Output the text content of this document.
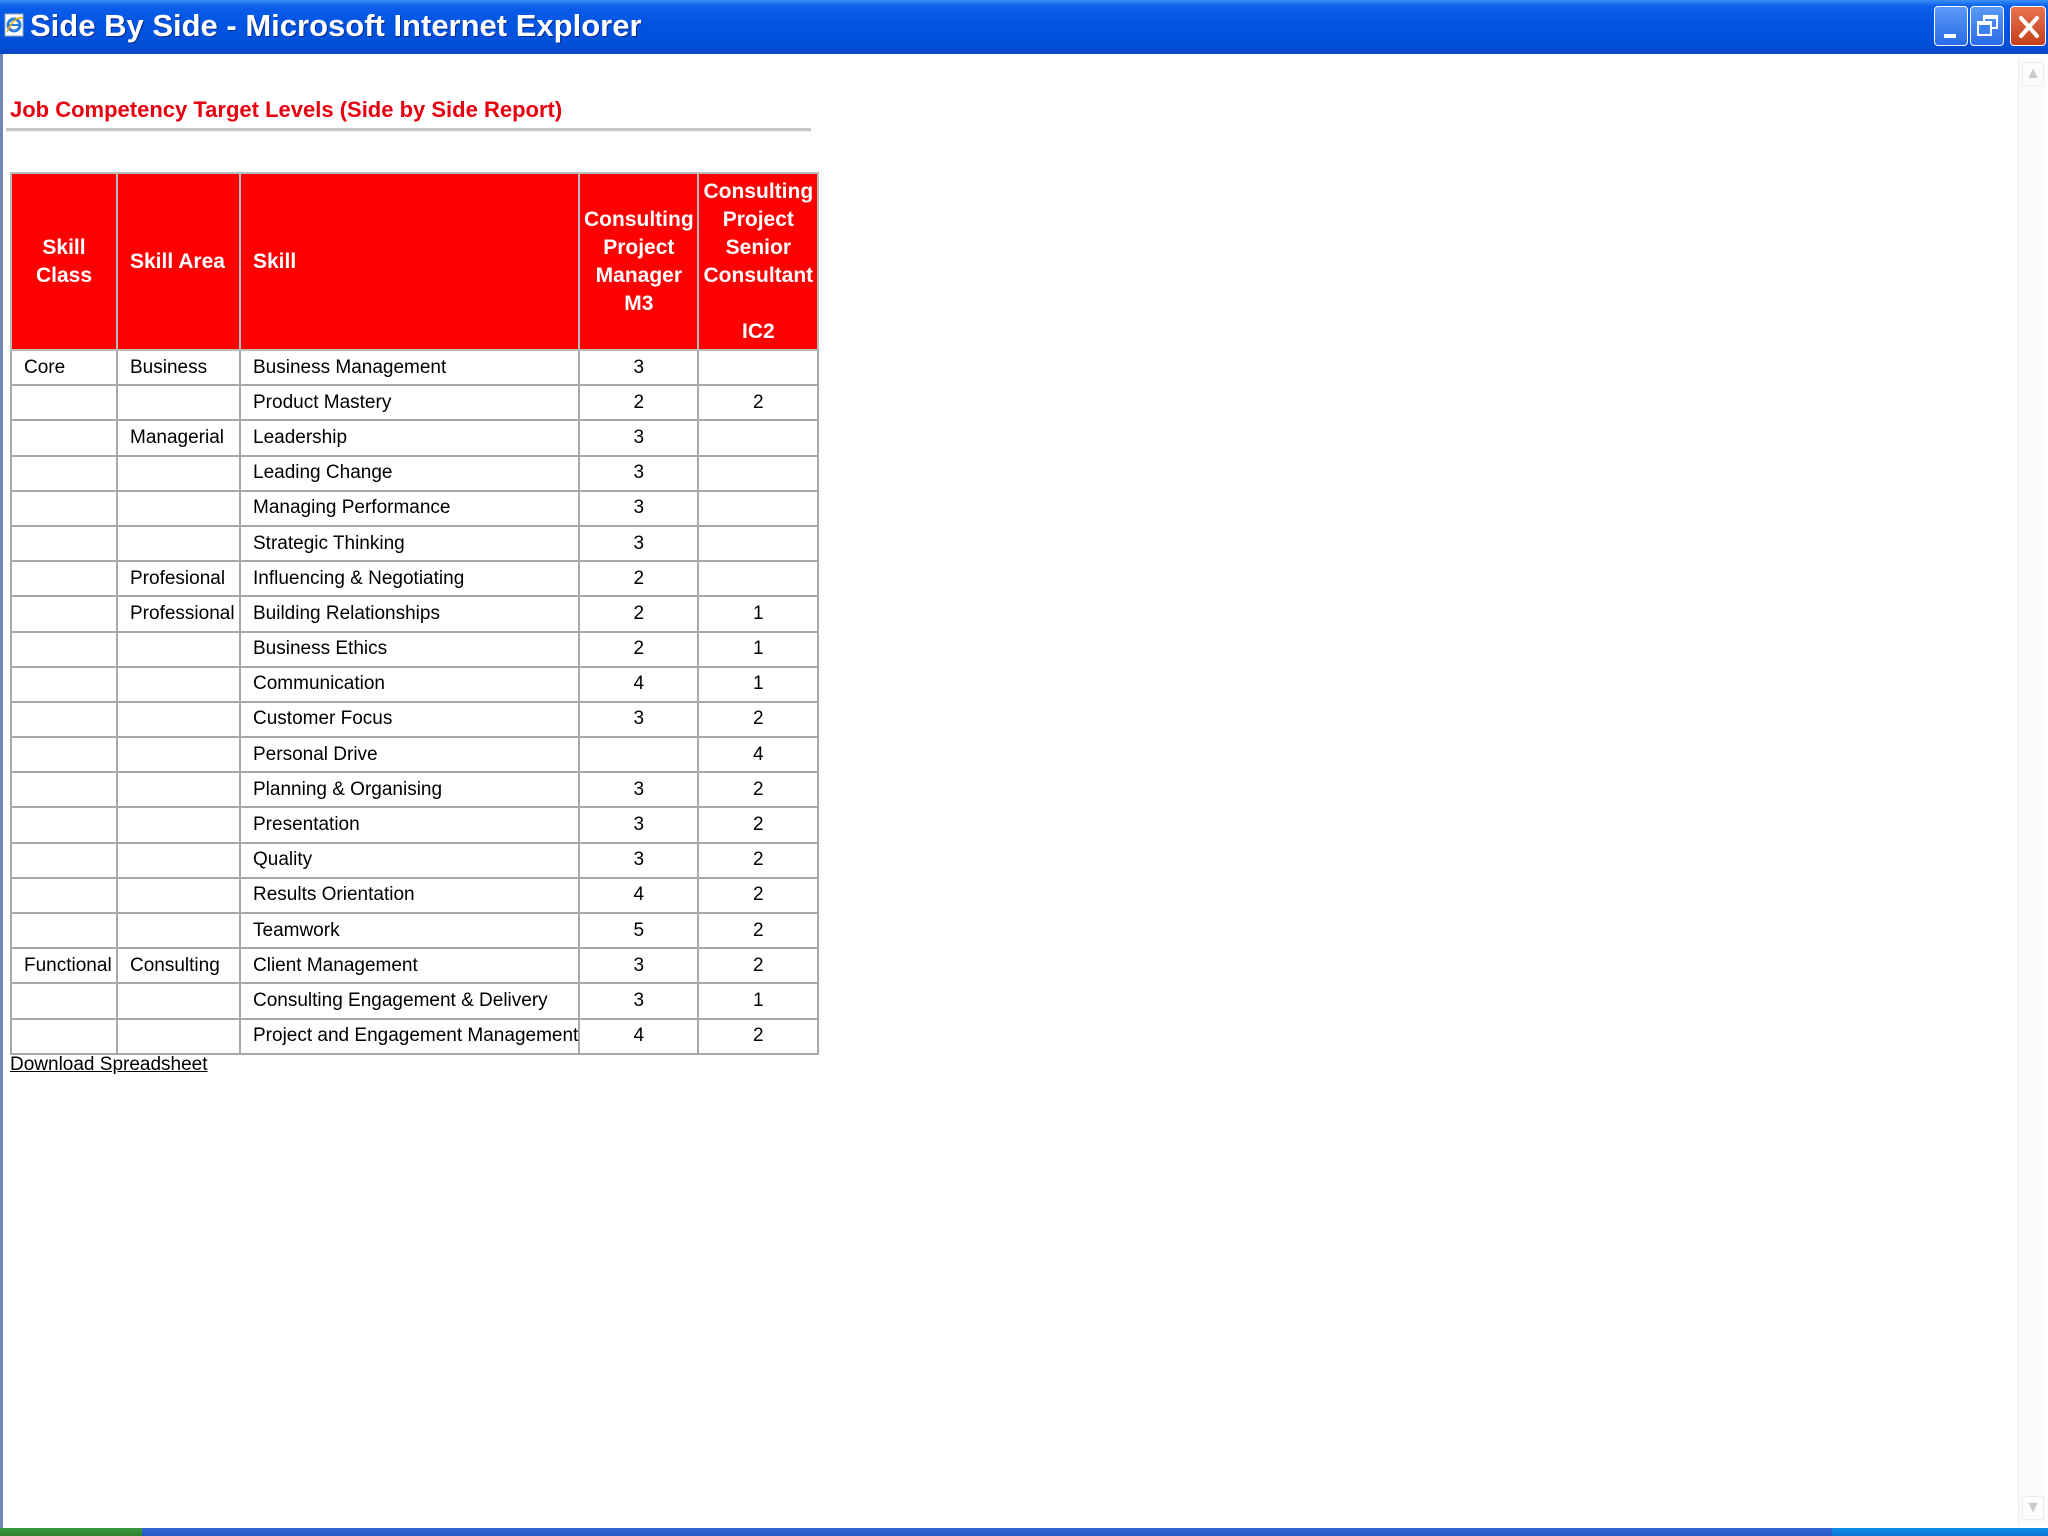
Side By Side - Microsoft Internet Explorer
Job Competency Target Levels (Side by Side Report)
Skill Class	Skill Area	Skill	Consulting Project Manager M3	Consulting Project Senior Consultant
IC2

Core	Business	Business Management	3	
		Product Mastery	2	2
	Managerial	Leadership	3	
		Leading Change	3	
		Managing Performance	3	
		Strategic Thinking	3	
	Profesional	Influencing & Negotiating	2	
	Professional	Building Relationships	2	1
		Business Ethics	2	1
		Communication	4	1
		Customer Focus	3	2
		Personal Drive		4
		Planning & Organising	3	2
		Presentation	3	2
		Quality	3	2
		Results Orientation	4	2
		Teamwork	5	2
Functional	Consulting	Client Management	3	2
		Consulting Engagement & Delivery	3	1
		Project and Engagement Management	4	2
Download Spreadsheet
▲
▼
